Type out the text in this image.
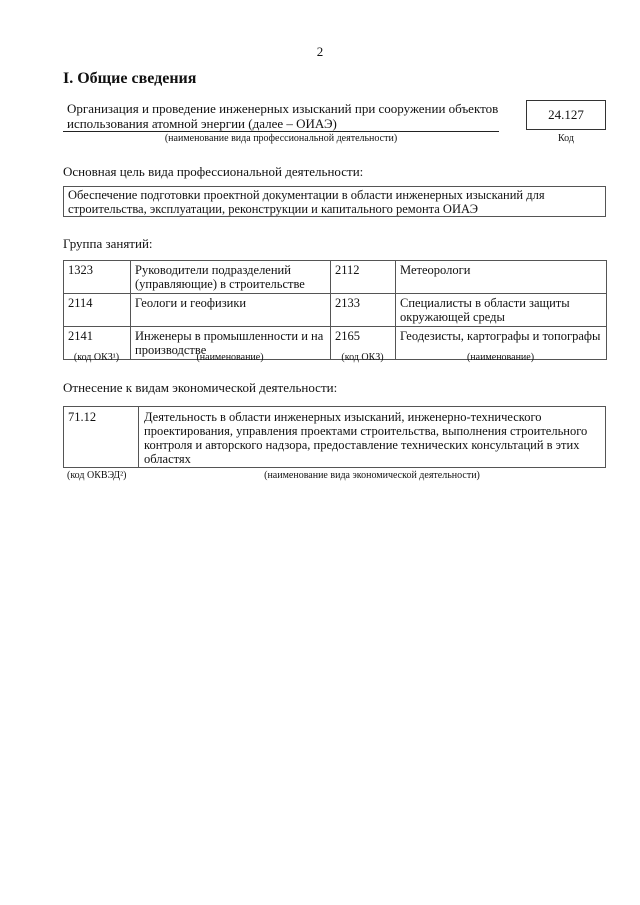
2
I. Общие сведения
Организация и проведение инженерных изысканий при сооружении объектов использования атомной энергии (далее – ОИАЭ)
(наименование вида профессиональной деятельности)
24.127
Код
Основная цель вида профессиональной деятельности:
Обеспечение подготовки проектной документации в области инженерных изысканий для строительства, эксплуатации, реконструкции и капитального ремонта ОИАЭ
Группа занятий:
1323	Руководители подразделений (управляющие) в строительстве	2112	Метеорологи
2114	Геологи и геофизики	2133	Специалисты в области защиты окружающей среды
2141	Инженеры в промышленности и на производстве	2165	Геодезисты, картографы и топографы
(код ОКЗ¹)	(наименование)	(код ОКЗ)	(наименование)
Отнесение к видам экономической деятельности:
71.12	Деятельность в области инженерных изысканий, инженерно-технического проектирования, управления проектами строительства, выполнения строительного контроля и авторского надзора, предоставление технических консультаций в этих областях
(код ОКВЭД²)	(наименование вида экономической деятельности)
